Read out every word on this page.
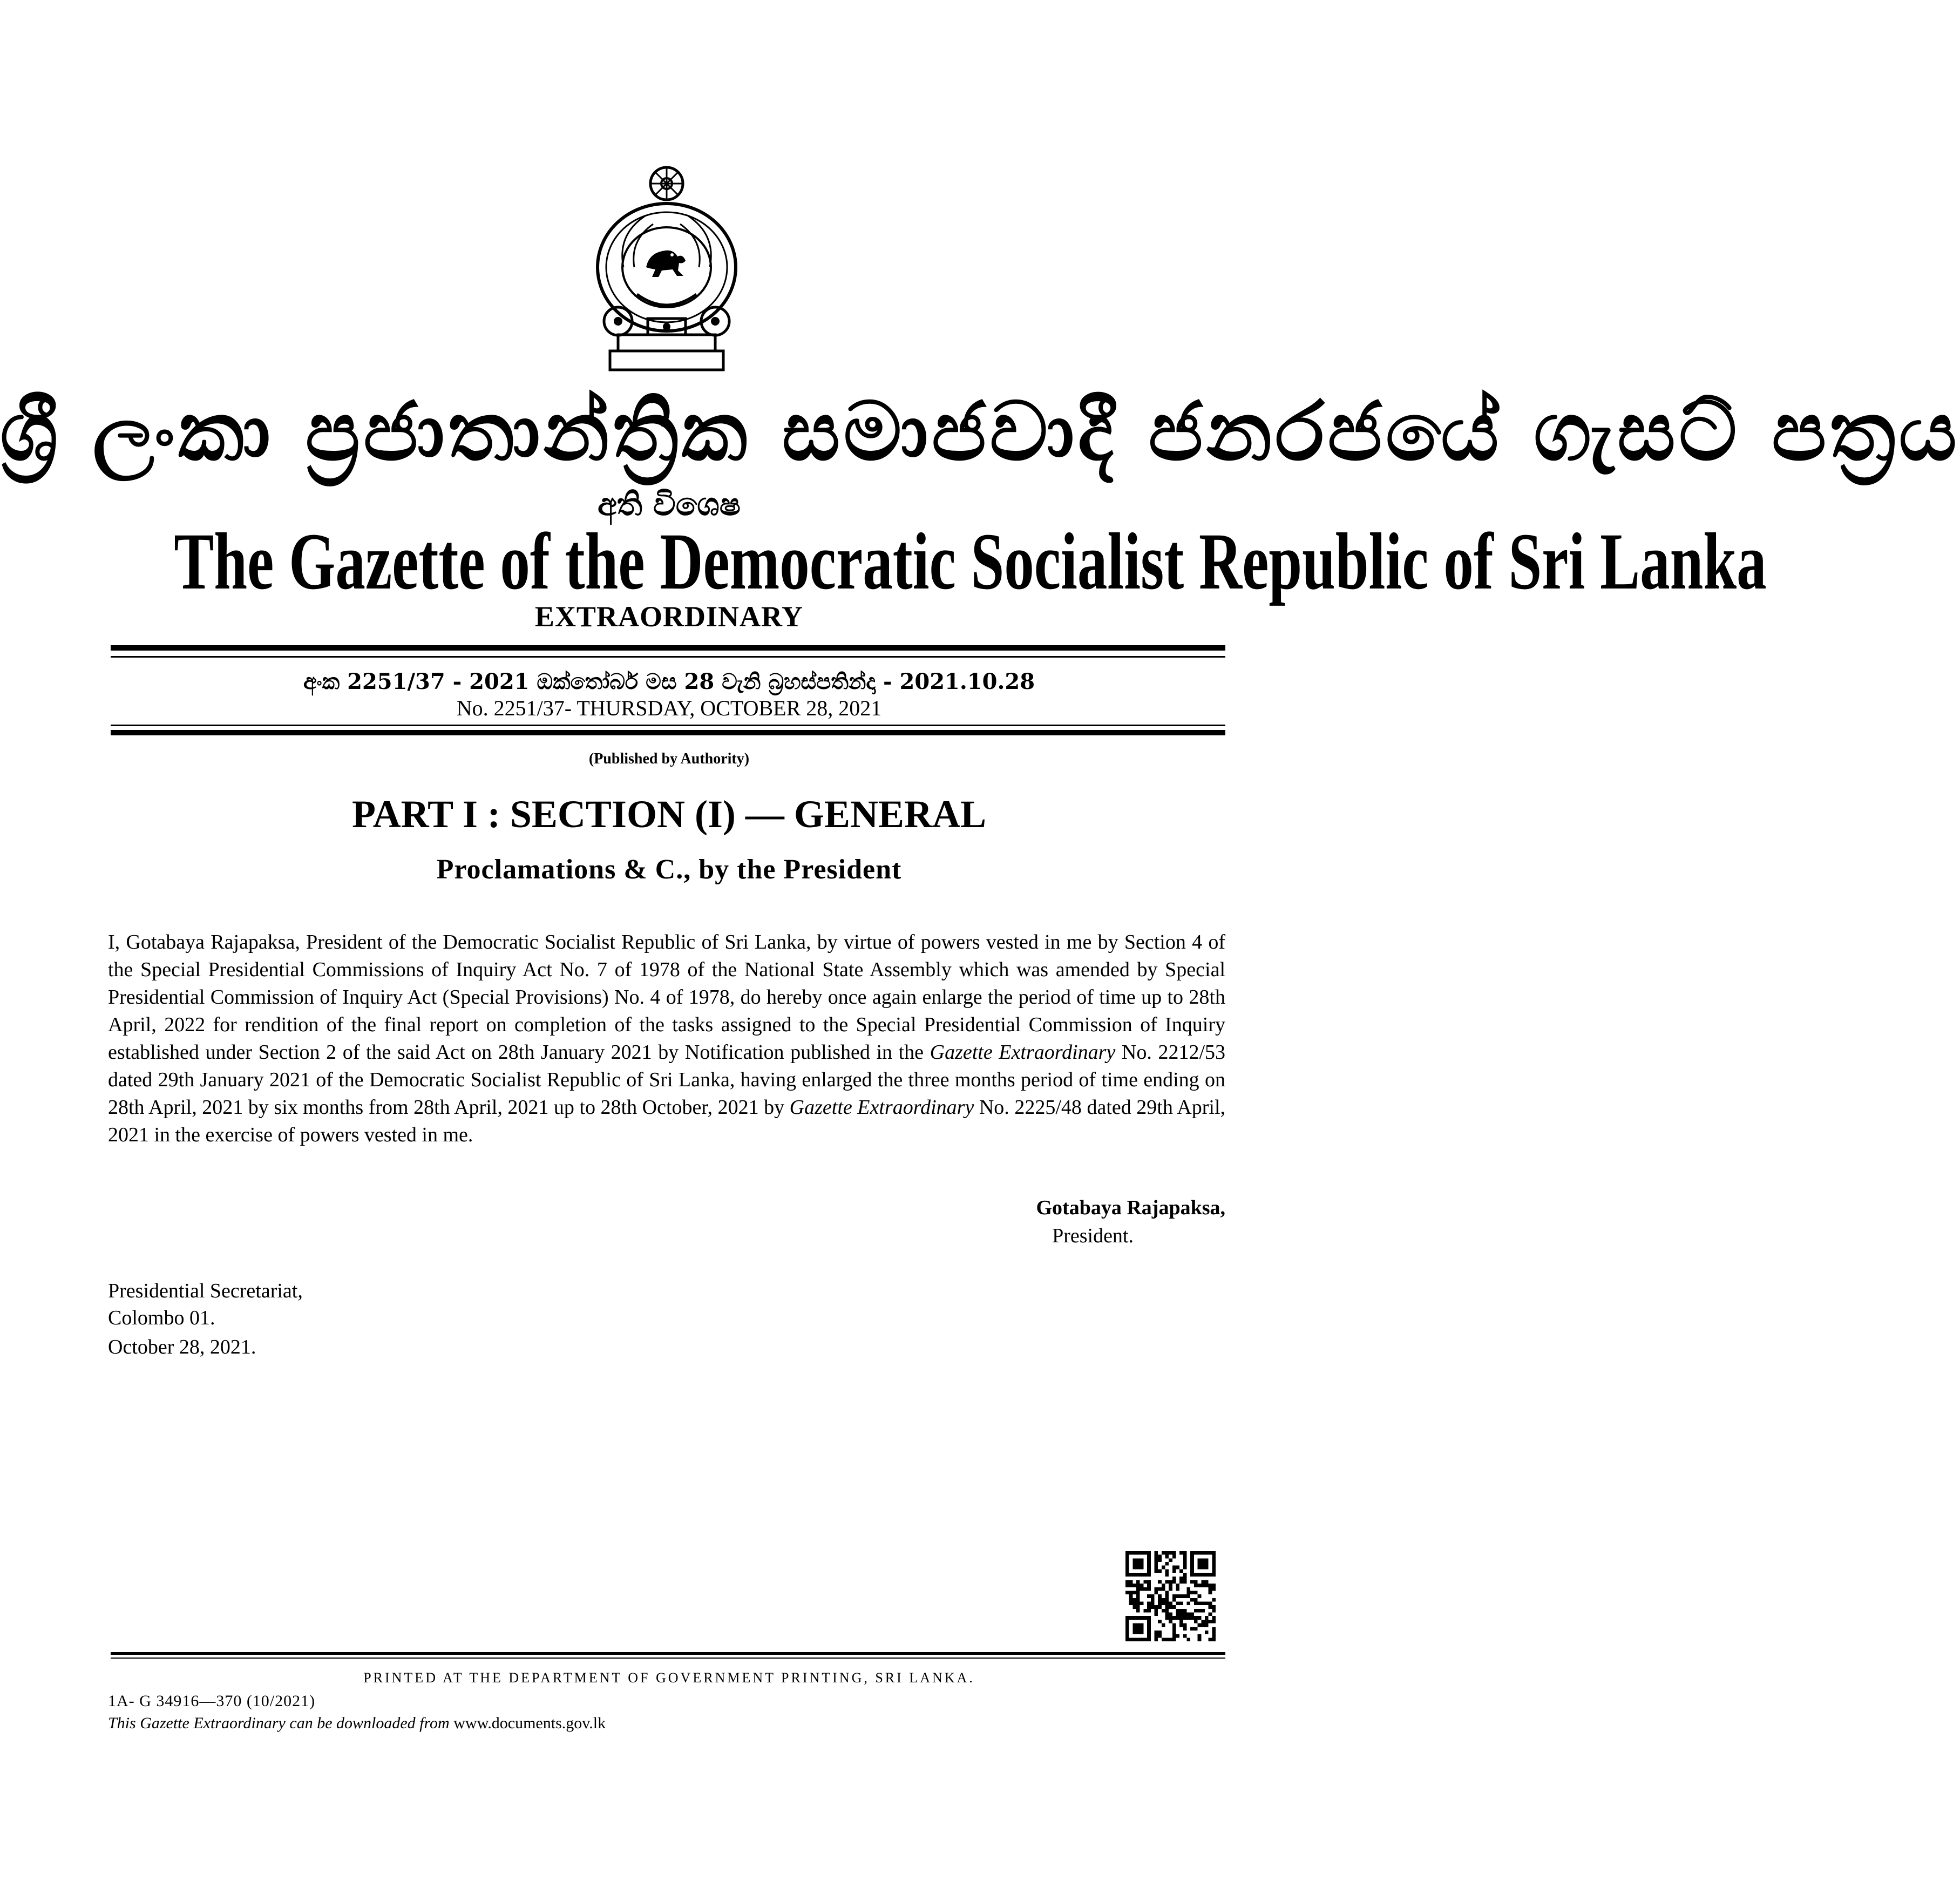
ශ්‍රී ලංකා ප්‍රජාතාන්ත්‍රික සමාජවාදී ජනරජයේ ගැසට් පත්‍රය
අති විශෙෂ
The Gazette of the Democratic Socialist Republic of Sri Lanka
EXTRAORDINARY
අංක 2251/37 - 2021 ඔක්තෝබර් මස 28 වැනි බ්‍රහස්පතින්දා - 2021.10.28
No. 2251/37- THURSDAY, OCTOBER 28, 2021
(Published by Authority)
PART I : SECTION (I) — GENERAL
Proclamations & C., by the President

I, Gotabaya Rajapaksa, President of the Democratic Socialist Republic of Sri Lanka, by virtue of powers vested in me by Section 4 of the Special Presidential Commissions of Inquiry Act No. 7 of 1978 of the National State Assembly which was amended by Special Presidential Commission of Inquiry Act (Special Provisions) No. 4 of 1978, do hereby once again enlarge the period of time up to 28th April, 2022 for rendition of the final report on completion of the tasks assigned to the Special Presidential Commission of Inquiry established under Section 2 of the said Act on 28th January 2021 by Notification published in the Gazette Extraordinary No. 2212/53 dated 29th January 2021 of the Democratic Socialist Republic of Sri Lanka, having enlarged the three months period of time ending on 28th April, 2021 by six months from 28th April, 2021 up to 28th October, 2021 by Gazette Extraordinary No. 2225/48 dated 29th April, 2021 in the exercise of powers vested in me.

Gotabaya Rajapaksa,
President.
Presidential Secretariat,
Colombo 01.
October 28, 2021.
PRINTED AT THE DEPARTMENT OF GOVERNMENT PRINTING, SRI LANKA.
1A- G 34916—370 (10/2021)
This Gazette Extraordinary can be downloaded from www.documents.gov.lk
